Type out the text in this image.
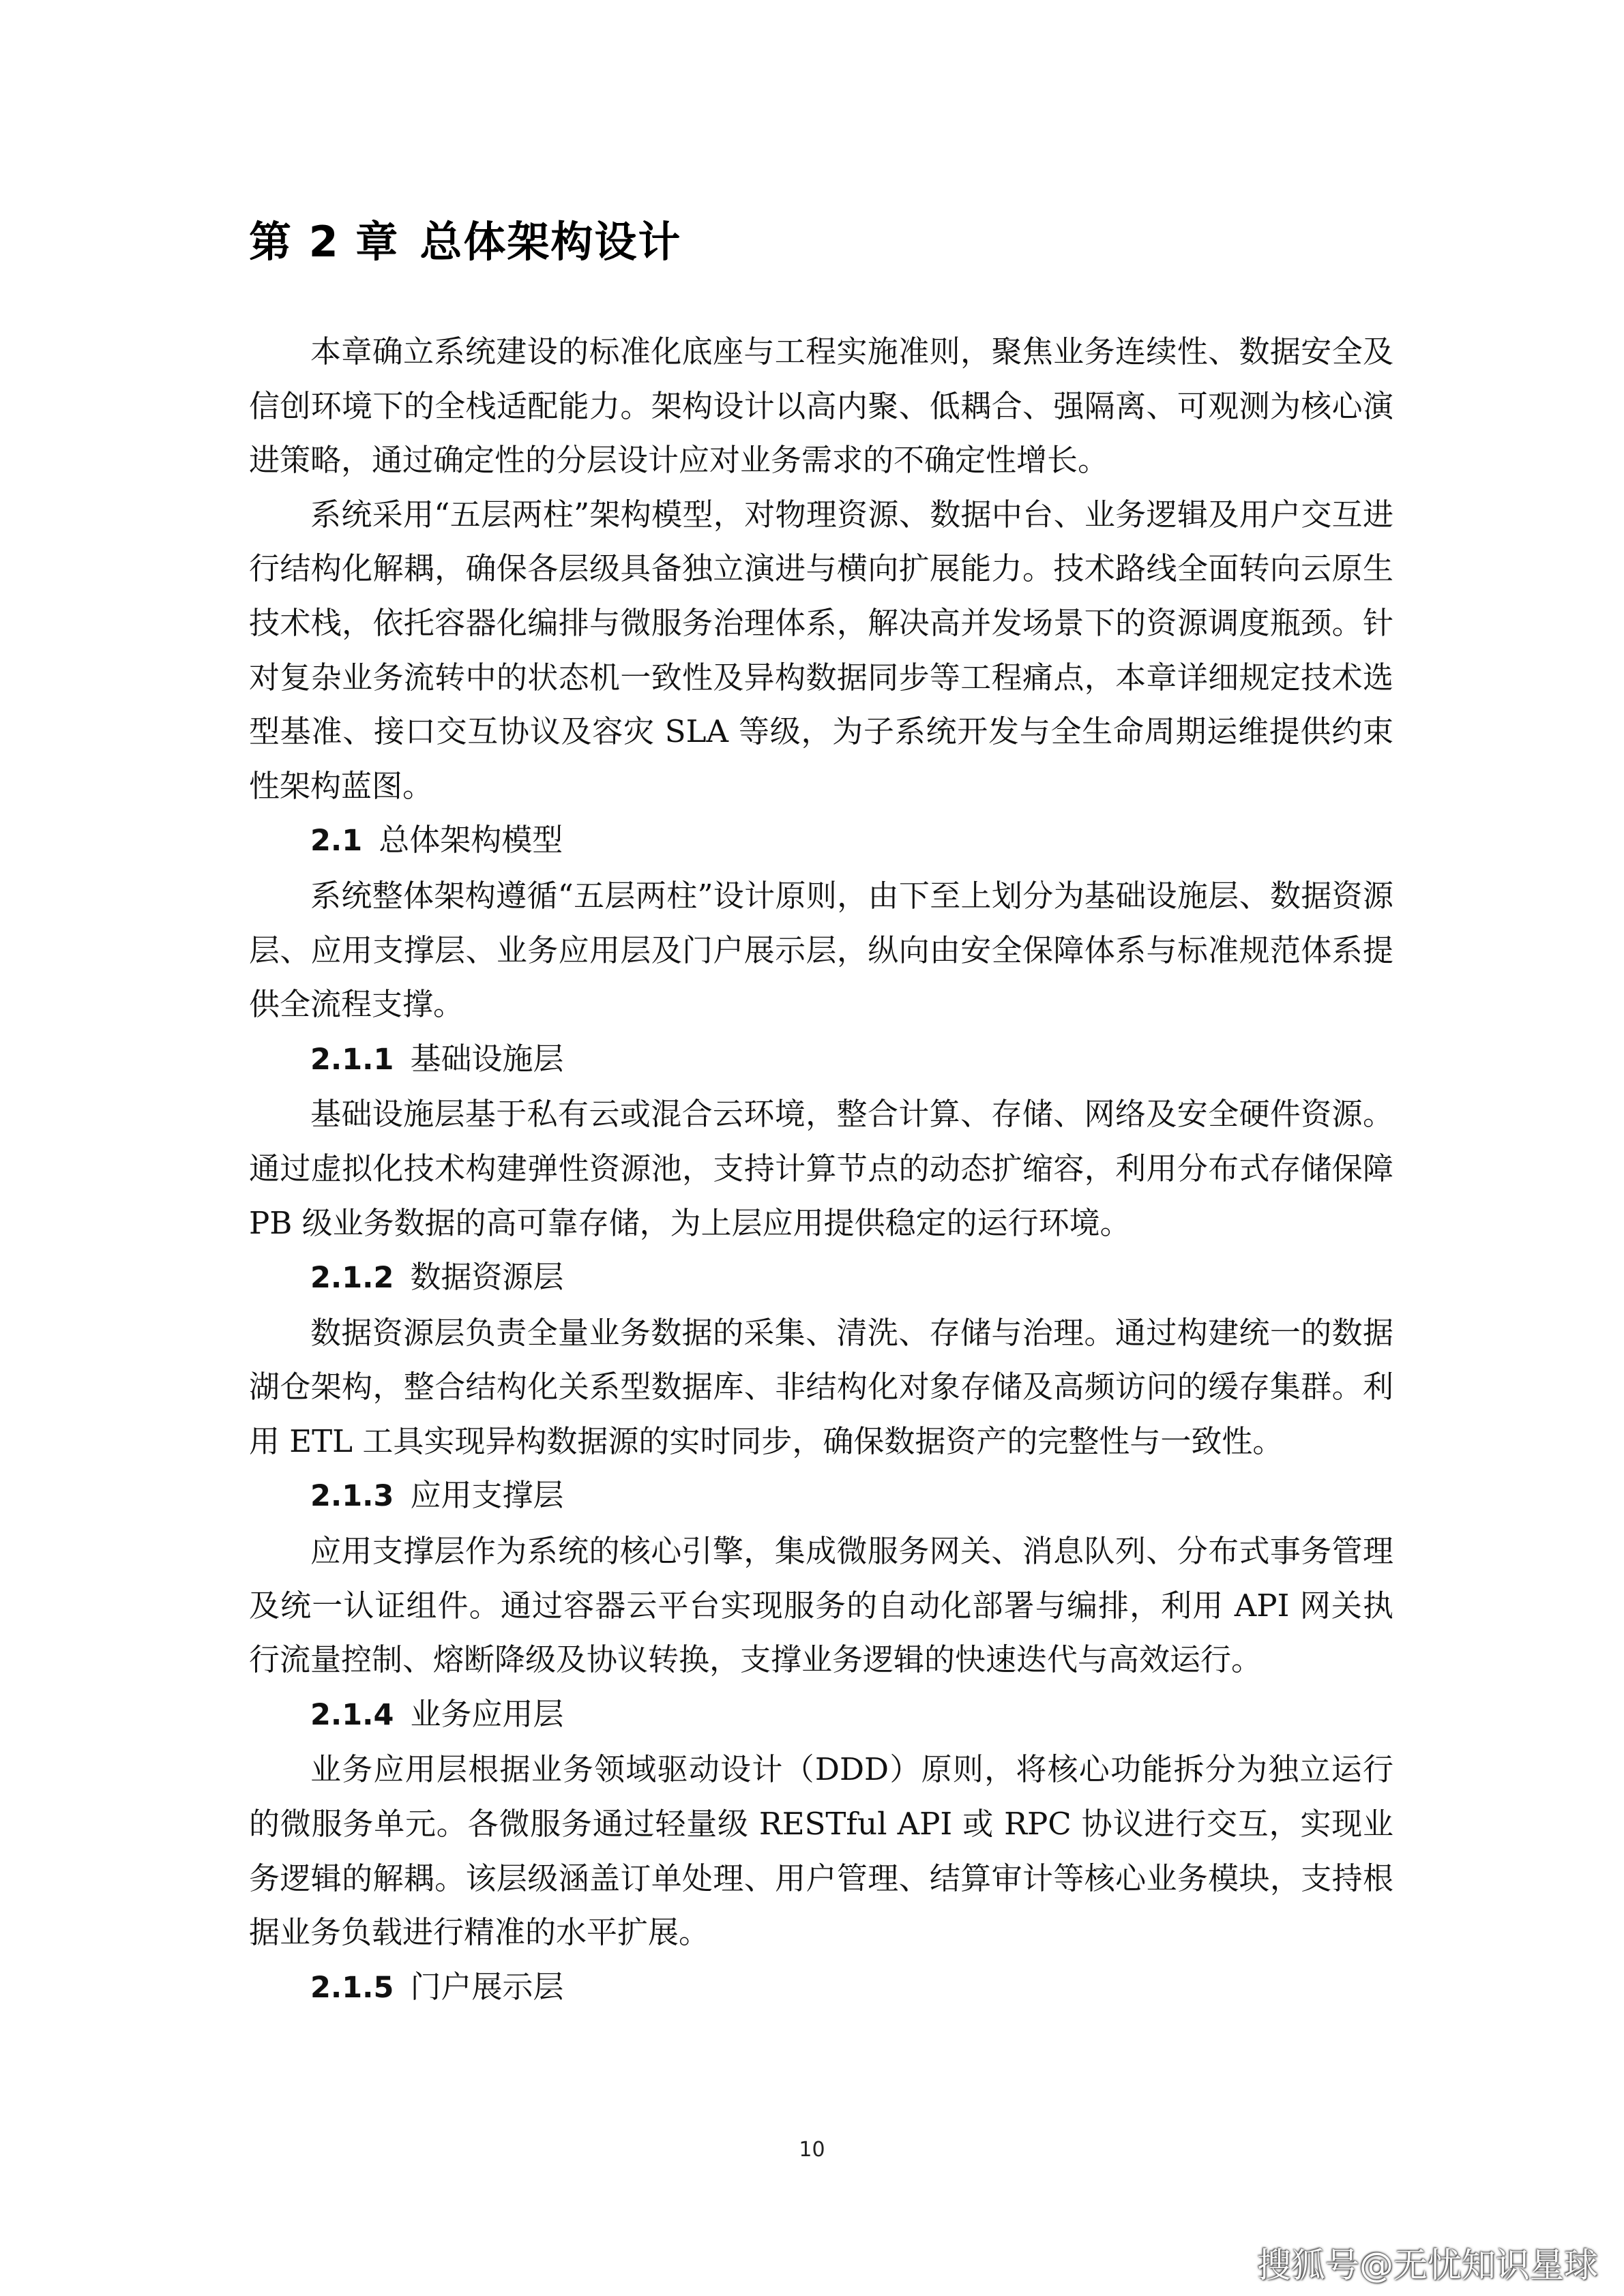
第 2 章 总体架构设计

本章确立系统建设的标准化底座与工程实施准则，聚焦业务连续性、数据安全及信创环境下的全栈适配能力。架构设计以高内聚、低耦合、强隔离、可观测为核心演进策略，通过确定性的分层设计应对业务需求的不确定性增长。

系统采用“五层两柱”架构模型，对物理资源、数据中台、业务逻辑及用户交互进行结构化解耦，确保各层级具备独立演进与横向扩展能力。技术路线全面转向云原生技术栈，依托容器化编排与微服务治理体系，解决高并发场景下的资源调度瓶颈。针对复杂业务流转中的状态机一致性及异构数据同步等工程痛点，本章详细规定技术选型基准、接口交互协议及容灾 SLA 等级，为子系统开发与全生命周期运维提供约束性架构蓝图。

2.1 总体架构模型

系统整体架构遵循“五层两柱”设计原则，由下至上划分为基础设施层、数据资源层、应用支撑层、业务应用层及门户展示层，纵向由安全保障体系与标准规范体系提供全流程支撑。

2.1.1 基础设施层

基础设施层基于私有云或混合云环境，整合计算、存储、网络及安全硬件资源。通过虚拟化技术构建弹性资源池，支持计算节点的动态扩缩容，利用分布式存储保障 PB 级业务数据的高可靠存储，为上层应用提供稳定的运行环境。

2.1.2 数据资源层

数据资源层负责全量业务数据的采集、清洗、存储与治理。通过构建统一的数据湖仓架构，整合结构化关系型数据库、非结构化对象存储及高频访问的缓存集群。利用 ETL 工具实现异构数据源的实时同步，确保数据资产的完整性与一致性。

2.1.3 应用支撑层

应用支撑层作为系统的核心引擎，集成微服务网关、消息队列、分布式事务管理及统一认证组件。通过容器云平台实现服务的自动化部署与编排，利用 API 网关执行流量控制、熔断降级及协议转换，支撑业务逻辑的快速迭代与高效运行。

2.1.4 业务应用层

业务应用层根据业务领域驱动设计（DDD）原则，将核心功能拆分为独立运行的微服务单元。各微服务通过轻量级 RESTful API 或 RPC 协议进行交互，实现业务逻辑的解耦。该层级涵盖订单处理、用户管理、结算审计等核心业务模块，支持根据业务负载进行精准的水平扩展。

2.1.5 门户展示层
10
搜狐号@无忧知识星球
